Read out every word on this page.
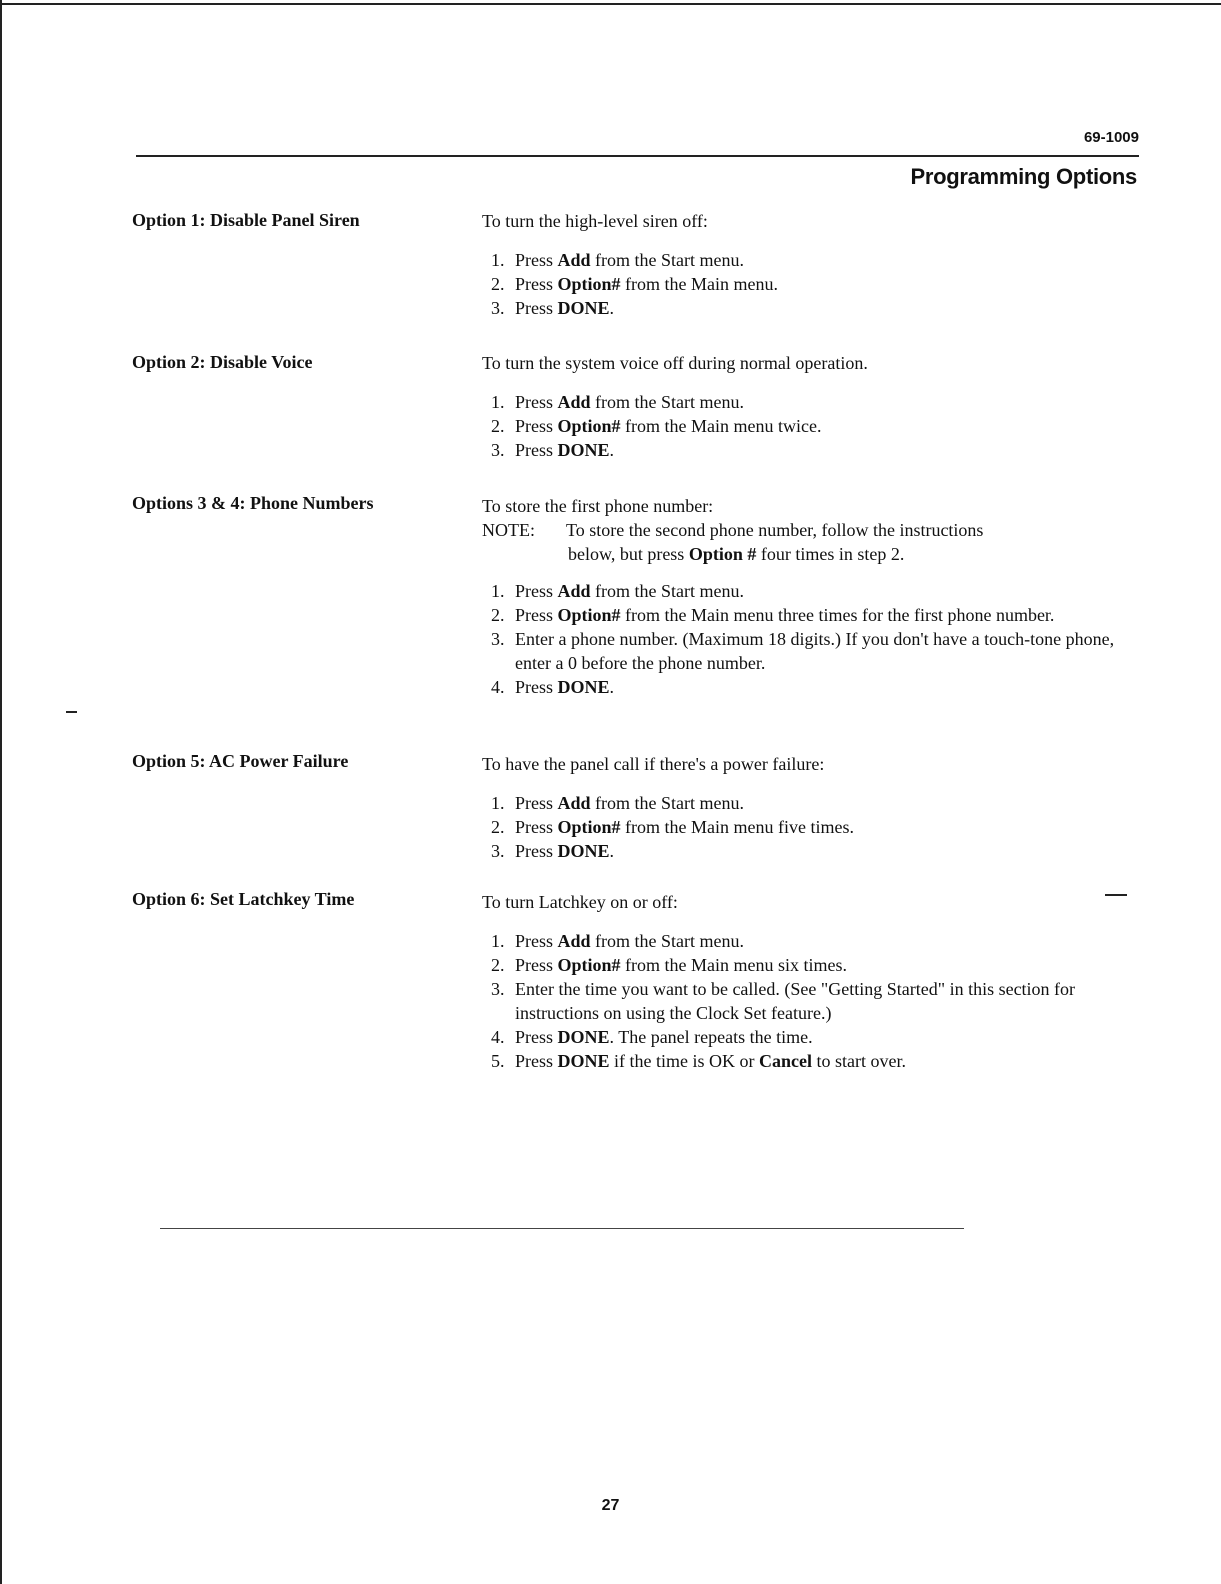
69-1009
Programming Options
Option 1: Disable Panel Siren	To turn the high-level siren off:

1. Press Add from the Start menu.
2. Press Option# from the Main menu.
3. Press DONE.
Option 2: Disable Voice	To turn the system voice off during normal operation.

1. Press Add from the Start menu.
2. Press Option# from the Main menu twice.
3. Press DONE.
Options 3 & 4: Phone Numbers	To store the first phone number:

NOTE: To store the second phone number, follow the instructions
below, but press Option # four times in step 2.
1. Press Add from the Start menu.
2. Press Option# from the Main menu three times for the first phone number.
3. Enter a phone number. (Maximum 18 digits.) If you don't have a touch-tone phone, enter a 0 before the phone number.
4. Press DONE.
Option 5: AC Power Failure	To have the panel call if there's a power failure:

1. Press Add from the Start menu.
2. Press Option# from the Main menu five times.
3. Press DONE.
Option 6: Set Latchkey Time	To turn Latchkey on or off:

1. Press Add from the Start menu.
2. Press Option# from the Main menu six times.
3. Enter the time you want to be called. (See "Getting Started" in this section for instructions on using the Clock Set feature.)
4. Press DONE. The panel repeats the time.
5. Press DONE if the time is OK or Cancel to start over.
27
